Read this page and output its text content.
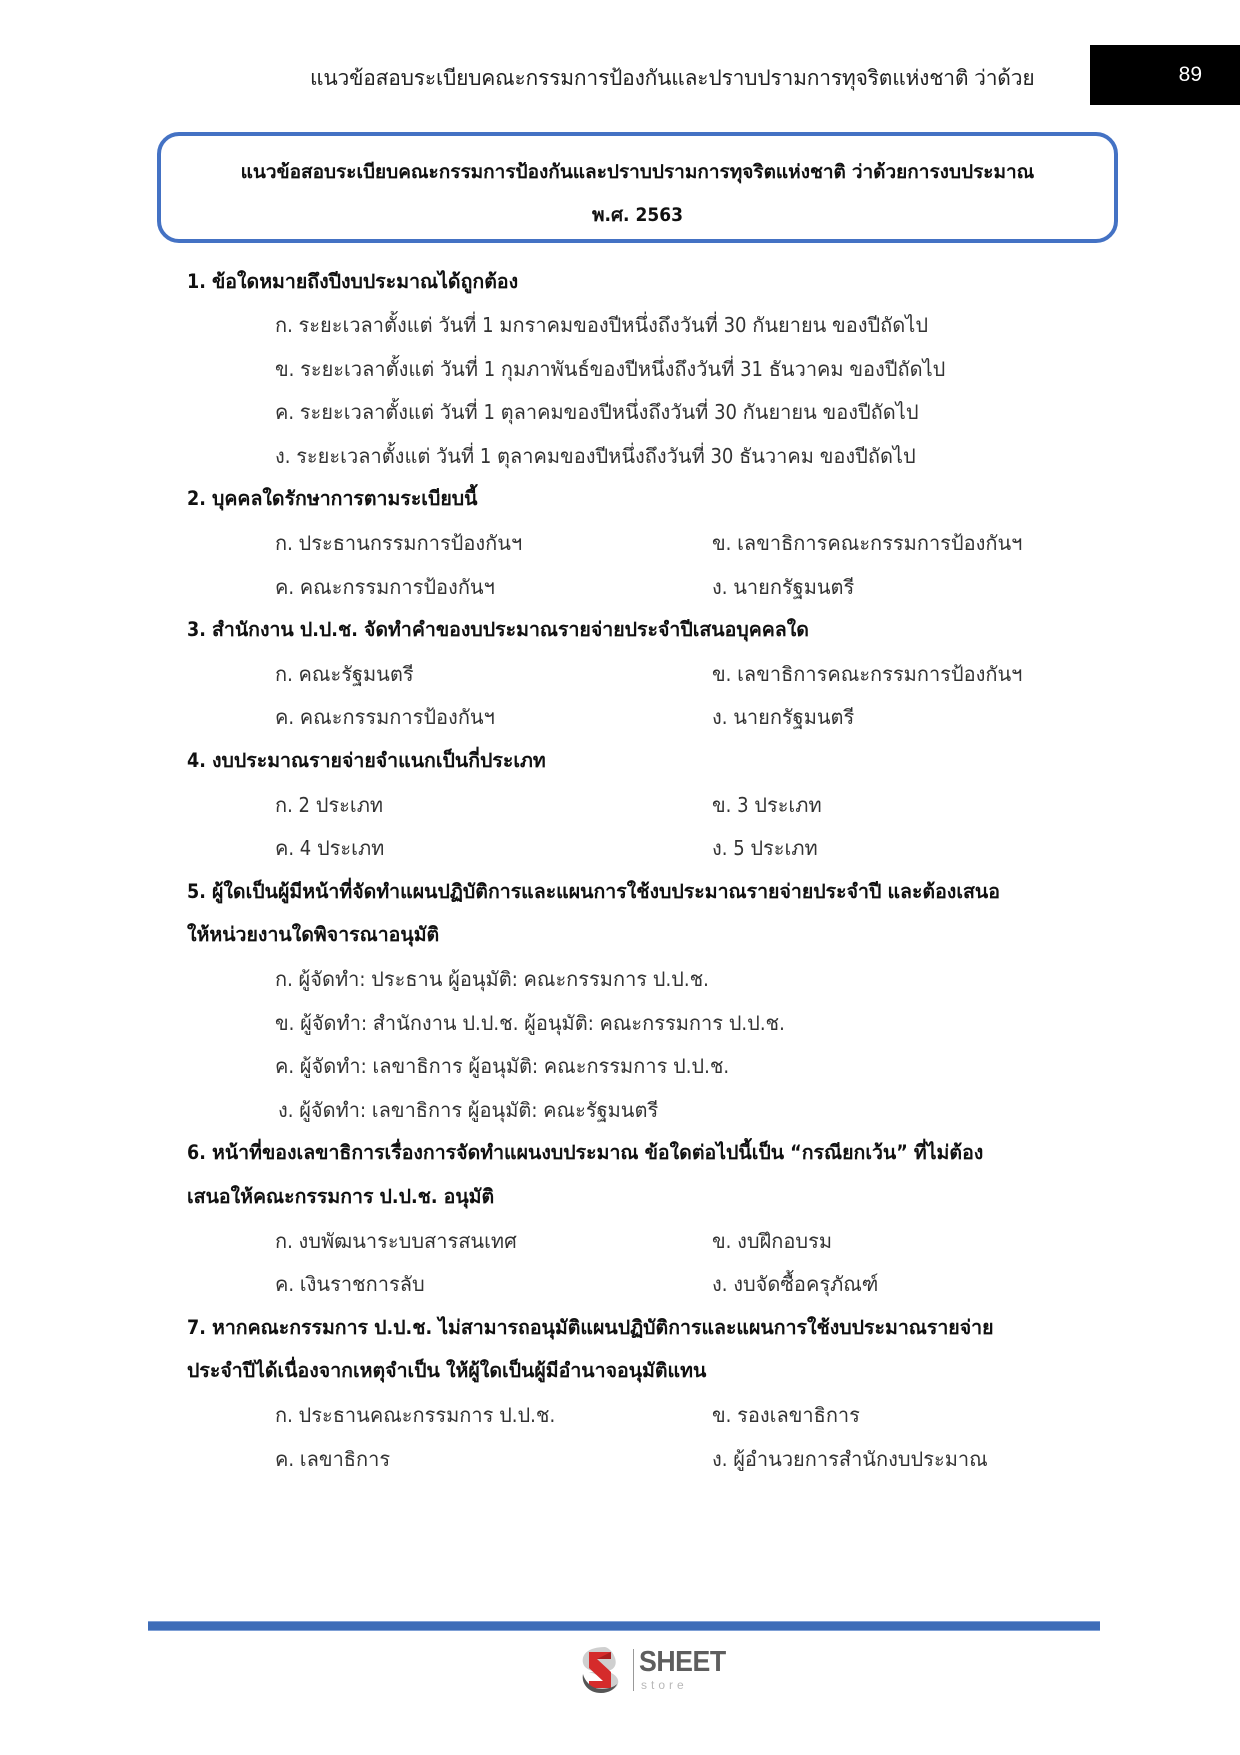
แนวข้อสอบระเบียบคณะกรรมการป้องกันและปราบปรามการทุจริตแห่งชาติ ว่าด้วย	89
แนวข้อสอบระเบียบคณะกรรมการป้องกันและปราบปรามการทุจริตแห่งชาติ ว่าด้วยการงบประมาณ
พ.ศ. 2563
1. ข้อใดหมายถึงปีงบประมาณได้ถูกต้อง
ก. ระยะเวลาตั้งแต่ วันที่ 1 มกราคมของปีหนึ่งถึงวันที่ 30 กันยายน ของปีถัดไป
ข. ระยะเวลาตั้งแต่ วันที่ 1 กุมภาพันธ์ของปีหนึ่งถึงวันที่ 31 ธันวาคม ของปีถัดไป
ค. ระยะเวลาตั้งแต่ วันที่ 1 ตุลาคมของปีหนึ่งถึงวันที่ 30 กันยายน ของปีถัดไป
ง. ระยะเวลาตั้งแต่ วันที่ 1 ตุลาคมของปีหนึ่งถึงวันที่ 30 ธันวาคม ของปีถัดไป
2. บุคคลใดรักษาการตามระเบียบนี้
ก. ประธานกรรมการป้องกันฯ	ข. เลขาธิการคณะกรรมการป้องกันฯ
ค. คณะกรรมการป้องกันฯ	ง. นายกรัฐมนตรี
3. สำนักงาน ป.ป.ช. จัดทำคำของบประมาณรายจ่ายประจำปีเสนอบุคคลใด
ก. คณะรัฐมนตรี	ข. เลขาธิการคณะกรรมการป้องกันฯ
ค. คณะกรรมการป้องกันฯ	ง. นายกรัฐมนตรี
4. งบประมาณรายจ่ายจำแนกเป็นกี่ประเภท
ก. 2 ประเภท	ข. 3 ประเภท
ค. 4 ประเภท	ง. 5 ประเภท
5. ผู้ใดเป็นผู้มีหน้าที่จัดทำแผนปฏิบัติการและแผนการใช้งบประมาณรายจ่ายประจำปี และต้องเสนอ
ให้หน่วยงานใดพิจารณาอนุมัติ
ก. ผู้จัดทำ: ประธาน ผู้อนุมัติ: คณะกรรมการ ป.ป.ช.
ข. ผู้จัดทำ: สำนักงาน ป.ป.ช. ผู้อนุมัติ: คณะกรรมการ ป.ป.ช.
ค. ผู้จัดทำ: เลขาธิการ ผู้อนุมัติ: คณะกรรมการ ป.ป.ช.
ง. ผู้จัดทำ: เลขาธิการ ผู้อนุมัติ: คณะรัฐมนตรี
6. หน้าที่ของเลขาธิการเรื่องการจัดทำแผนงบประมาณ ข้อใดต่อไปนี้เป็น “กรณียกเว้น” ที่ไม่ต้อง
เสนอให้คณะกรรมการ ป.ป.ช. อนุมัติ
ก. งบพัฒนาระบบสารสนเทศ	ข. งบฝึกอบรม
ค. เงินราชการลับ	ง. งบจัดซื้อครุภัณฑ์
7. หากคณะกรรมการ ป.ป.ช. ไม่สามารถอนุมัติแผนปฏิบัติการและแผนการใช้งบประมาณรายจ่าย
ประจำปีได้เนื่องจากเหตุจำเป็น ให้ผู้ใดเป็นผู้มีอำนาจอนุมัติแทน
ก. ประธานคณะกรรมการ ป.ป.ช.	ข. รองเลขาธิการ
ค. เลขาธิการ	ง. ผู้อำนวยการสำนักงบประมาณ
SHEET
store
